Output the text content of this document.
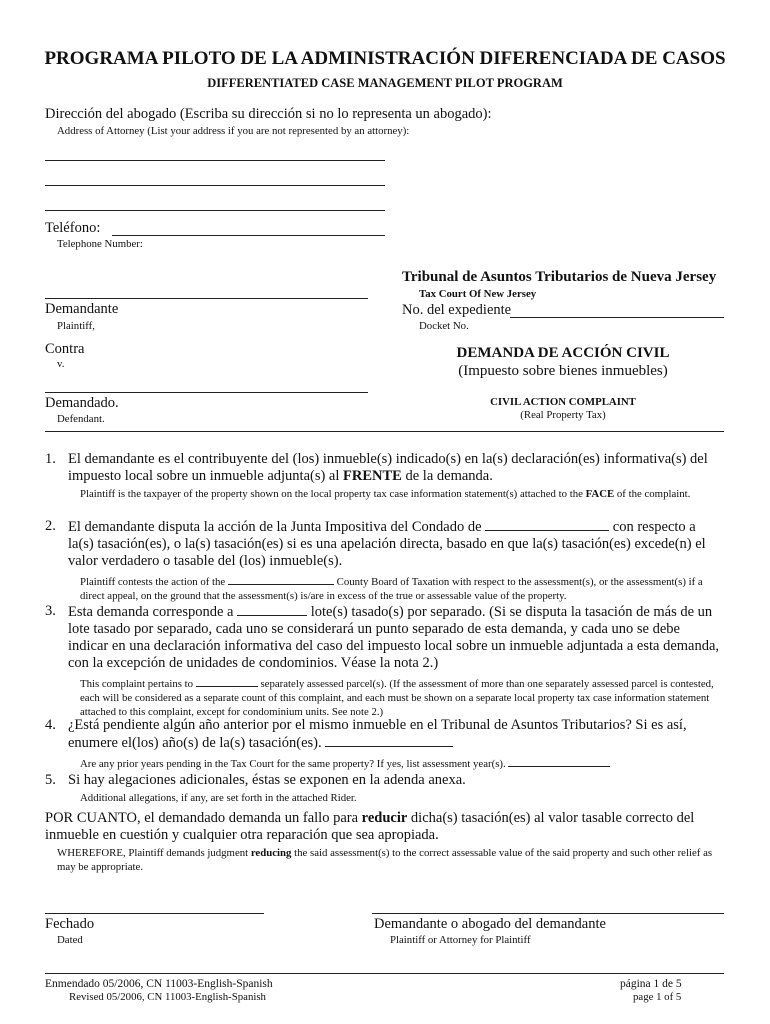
PROGRAMA PILOTO DE LA ADMINISTRACIÓN DIFERENCIADA DE CASOS
DIFFERENTIATED CASE MANAGEMENT PILOT PROGRAM
Dirección del abogado (Escriba su dirección si no lo representa un abogado):
Address of Attorney (List your address if you are not represented by an attorney):
Teléfono:
Telephone Number:
Tribunal de Asuntos Tributarios de Nueva Jersey
Tax Court Of New Jersey
No. del expediente
Docket No.
Demandante
Plaintiff,
Contra
v.
DEMANDA DE ACCIÓN CIVIL
(Impuesto sobre bienes inmuebles)
Demandado.
Defendant.
CIVIL ACTION COMPLAINT
(Real Property Tax)
1. El demandante es el contribuyente del (los) inmueble(s) indicado(s) en la(s) declaración(es) informativa(s) del impuesto local sobre un inmueble adjunta(s) al FRENTE de la demanda.
Plaintiff is the taxpayer of the property shown on the local property tax case information statement(s) attached to the FACE of the complaint.
2. El demandante disputa la acción de la Junta Impositiva del Condado de	con respecto a la(s) tasación(es), o la(s) tasación(es) si es una apelación directa, basado en que la(s) tasación(es) excede(n) el valor verdadero o tasable del (los) inmueble(s).
Plaintiff contests the action of the	County Board of Taxation with respect to the assessment(s), or the assessment(s) if a direct appeal, on the ground that the assessment(s) is/are in excess of the true or assessable value of the property.
3. Esta demanda corresponde a	lote(s) tasado(s) por separado. (Si se disputa la tasación de más de un lote tasado por separado, cada uno se considerará un punto separado de esta demanda, y cada uno se debe indicar en una declaración informativa del caso del impuesto local sobre un inmueble adjuntada a esta demanda, con la excepción de unidades de condominios. Véase la nota 2.)
This complaint pertains to	separately assessed parcel(s). (If the assessment of more than one separately assessed parcel is contested, each will be considered as a separate count of this complaint, and each must be shown on a separate local property tax case information statement attached to this complaint, except for condominium units. See note 2.)
4. ¿Está pendiente algún año anterior por el mismo inmueble en el Tribunal de Asuntos Tributarios? Si es así, enumere el(los) año(s) de la(s) tasación(es).
Are any prior years pending in the Tax Court for the same property? If yes, list assessment year(s).
5. Si hay alegaciones adicionales, éstas se exponen en la adenda anexa.
Additional allegations, if any, are set forth in the attached Rider.
POR CUANTO, el demandado demanda un fallo para reducir dicha(s) tasación(es) al valor tasable correcto del inmueble en cuestión y cualquier otra reparación que sea apropiada.
WHEREFORE, Plaintiff demands judgment reducing the said assessment(s) to the correct assessable value of the said property and such other relief as may be appropriate.
Fechado
Dated
Demandante o abogado del demandante
Plaintiff or Attorney for Plaintiff
Enmendado 05/2006, CN 11003-English-Spanish
Revised 05/2006, CN 11003-English-Spanish
página 1 de 5
page 1 of 5
